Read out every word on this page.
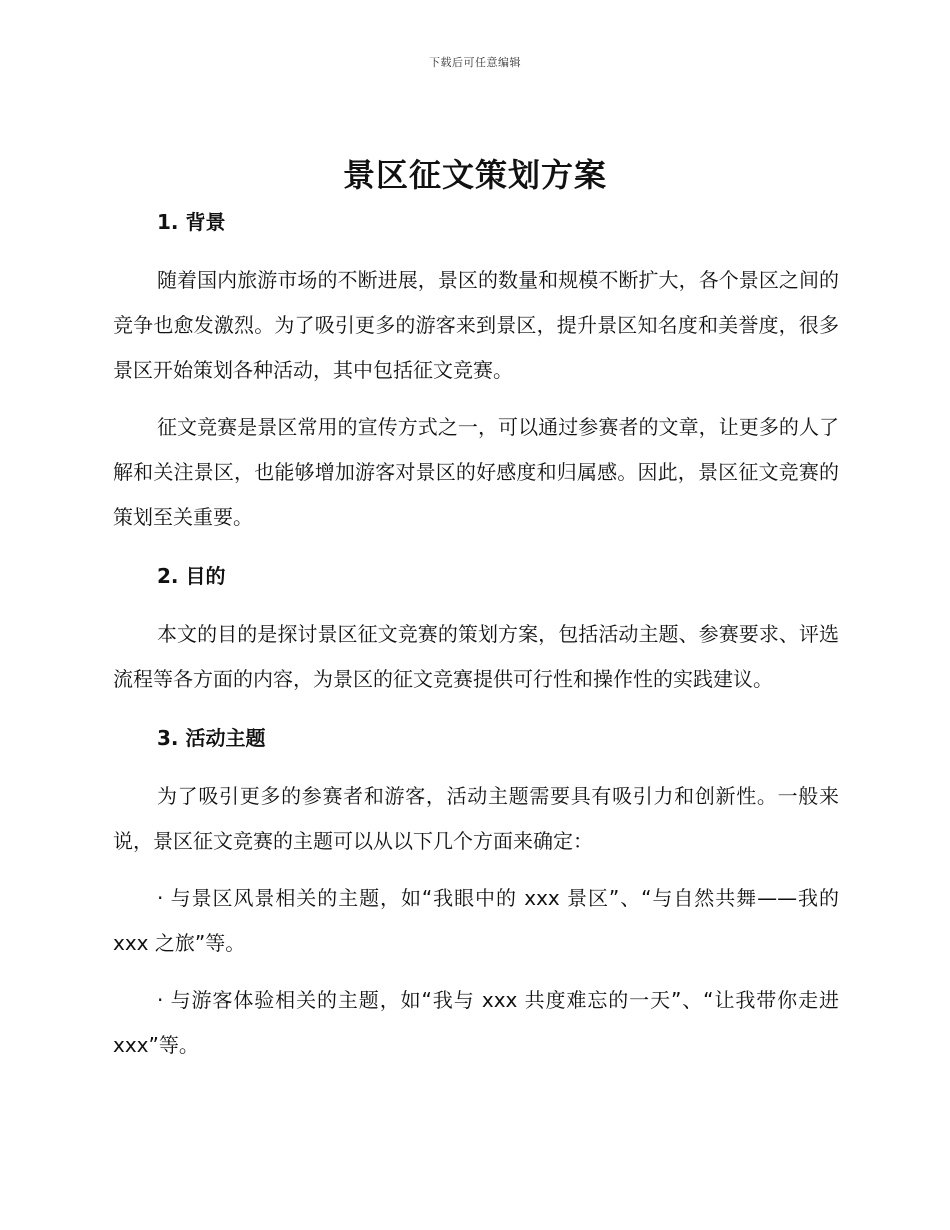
下载后可任意编辑
景区征文策划方案
1. 背景

随着国内旅游市场的不断进展，景区的数量和规模不断扩大，各个景区之间的竞争也愈发激烈。为了吸引更多的游客来到景区，提升景区知名度和美誉度，很多景区开始策划各种活动，其中包括征文竞赛。

征文竞赛是景区常用的宣传方式之一，可以通过参赛者的文章，让更多的人了解和关注景区，也能够增加游客对景区的好感度和归属感。因此，景区征文竞赛的策划至关重要。

2. 目的

本文的目的是探讨景区征文竞赛的策划方案，包括活动主题、参赛要求、评选流程等各方面的内容，为景区的征文竞赛提供可行性和操作性的实践建议。

3. 活动主题

为了吸引更多的参赛者和游客，活动主题需要具有吸引力和创新性。一般来说，景区征文竞赛的主题可以从以下几个方面来确定：

· 与景区风景相关的主题，如“我眼中的 xxx 景区”、“与自然共舞——我的 xxx 之旅”等。

· 与游客体验相关的主题，如“我与 xxx 共度难忘的一天”、“让我带你走进 xxx”等。
